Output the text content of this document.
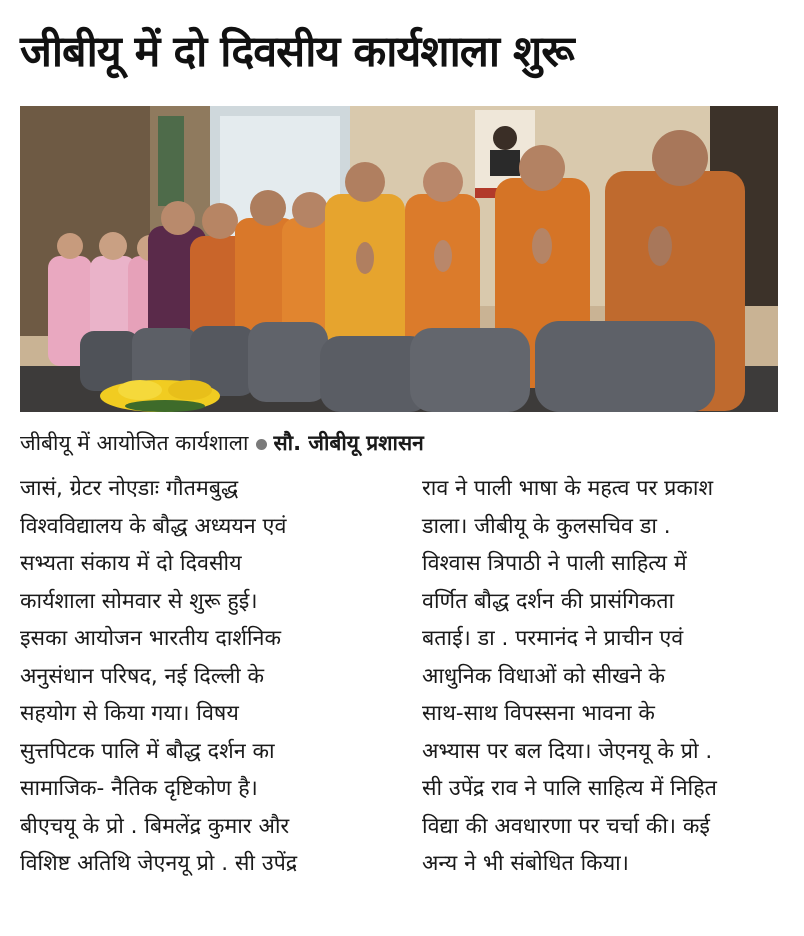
जीबीयू में दो दिवसीय कार्यशाला शुरू
जीबीयू में आयोजित कार्यशाला सौ. जीबीयू प्रशासन
जासं, ग्रेटर नोएडाः गौतमबुद्ध
विश्वविद्यालय के बौद्ध अध्ययन एवं
सभ्यता संकाय में दो दिवसीय
कार्यशाला सोमवार से शुरू हुई।
इसका आयोजन भारतीय दार्शनिक
अनुसंधान परिषद, नई दिल्ली के
सहयोग से किया गया। विषय
सुत्तपिटक पालि में बौद्ध दर्शन का
सामाजिक- नैतिक दृष्टिकोण है।
बीएचयू के प्रो . बिमलेंद्र कुमार और
विशिष्ट अतिथि जेएनयू प्रो . सी उपेंद्र
राव ने पाली भाषा के महत्व पर प्रकाश
डाला। जीबीयू के कुलसचिव डा .
विश्वास त्रिपाठी ने पाली साहित्य में
वर्णित बौद्ध दर्शन की प्रासंगिकता
बताई। डा . परमानंद ने प्राचीन एवं
आधुनिक विधाओं को सीखने के
साथ-साथ विपस्सना भावना के
अभ्यास पर बल दिया। जेएनयू के प्रो .
सी उपेंद्र राव ने पालि साहित्य में निहित
विद्या की अवधारणा पर चर्चा की। कई
अन्य ने भी संबोधित किया।
